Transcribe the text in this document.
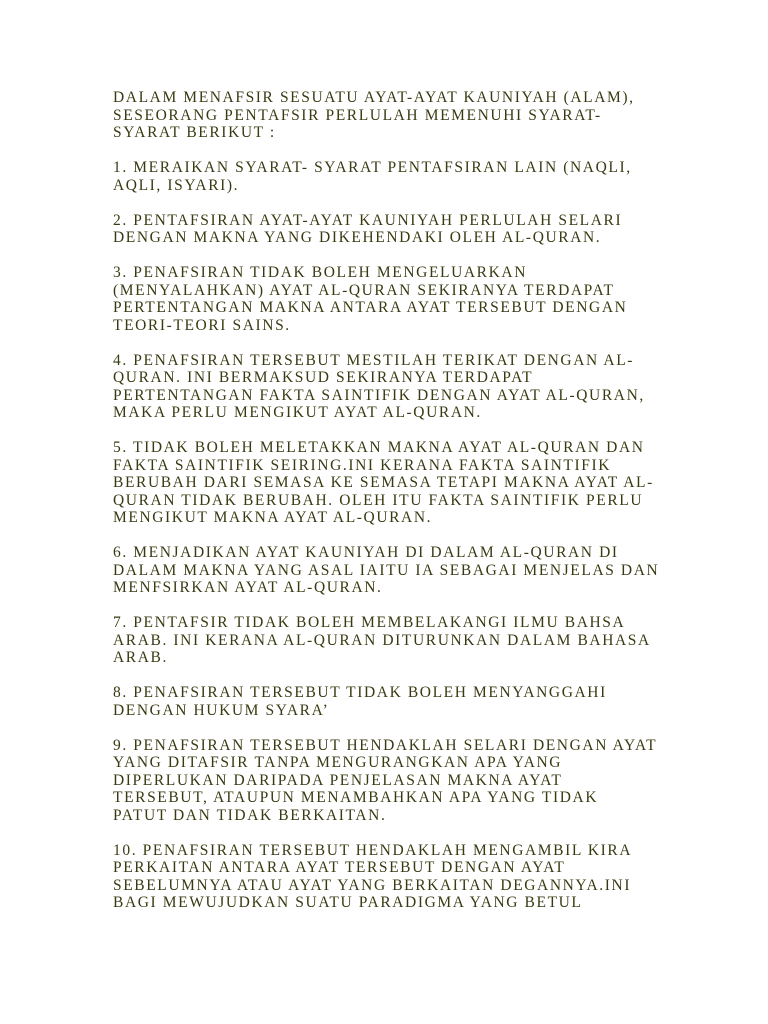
DALAM MENAFSIR SESUATU AYAT-AYAT KAUNIYAH (ALAM),
SESEORANG PENTAFSIR PERLULAH MEMENUHI SYARAT-
SYARAT BERIKUT :

1. MERAIKAN SYARAT- SYARAT PENTAFSIRAN LAIN (NAQLI,
AQLI, ISYARI).

2. PENTAFSIRAN AYAT-AYAT KAUNIYAH PERLULAH SELARI
DENGAN MAKNA YANG DIKEHENDAKI OLEH AL-QURAN.

3. PENAFSIRAN TIDAK BOLEH MENGELUARKAN
(MENYALAHKAN) AYAT AL-QURAN SEKIRANYA TERDAPAT
PERTENTANGAN MAKNA ANTARA AYAT TERSEBUT DENGAN
TEORI-TEORI SAINS.

4. PENAFSIRAN TERSEBUT MESTILAH TERIKAT DENGAN AL-
QURAN. INI BERMAKSUD SEKIRANYA TERDAPAT
PERTENTANGAN FAKTA SAINTIFIK DENGAN AYAT AL-QURAN,
MAKA PERLU MENGIKUT AYAT AL-QURAN.

5. TIDAK BOLEH MELETAKKAN MAKNA AYAT AL-QURAN DAN
FAKTA SAINTIFIK SEIRING.INI KERANA FAKTA SAINTIFIK
BERUBAH DARI SEMASA KE SEMASA TETAPI MAKNA AYAT AL-
QURAN TIDAK BERUBAH. OLEH ITU FAKTA SAINTIFIK PERLU
MENGIKUT MAKNA AYAT AL-QURAN.

6. MENJADIKAN AYAT KAUNIYAH DI DALAM AL-QURAN DI
DALAM MAKNA YANG ASAL IAITU IA SEBAGAI MENJELAS DAN
MENFSIRKAN AYAT AL-QURAN.

7. PENTAFSIR TIDAK BOLEH MEMBELAKANGI ILMU BAHSA
ARAB. INI KERANA AL-QURAN DITURUNKAN DALAM BAHASA
ARAB.

8. PENAFSIRAN TERSEBUT TIDAK BOLEH MENYANGGAHI
DENGAN HUKUM SYARA’

9. PENAFSIRAN TERSEBUT HENDAKLAH SELARI DENGAN AYAT
YANG DITAFSIR TANPA MENGURANGKAN APA YANG
DIPERLUKAN DARIPADA PENJELASAN MAKNA AYAT
TERSEBUT, ATAUPUN MENAMBAHKAN APA YANG TIDAK
PATUT DAN TIDAK BERKAITAN.

10. PENAFSIRAN TERSEBUT HENDAKLAH MENGAMBIL KIRA
PERKAITAN ANTARA AYAT TERSEBUT DENGAN AYAT
SEBELUMNYA ATAU AYAT YANG BERKAITAN DEGANNYA.INI
BAGI MEWUJUDKAN SUATU PARADIGMA YANG BETUL
